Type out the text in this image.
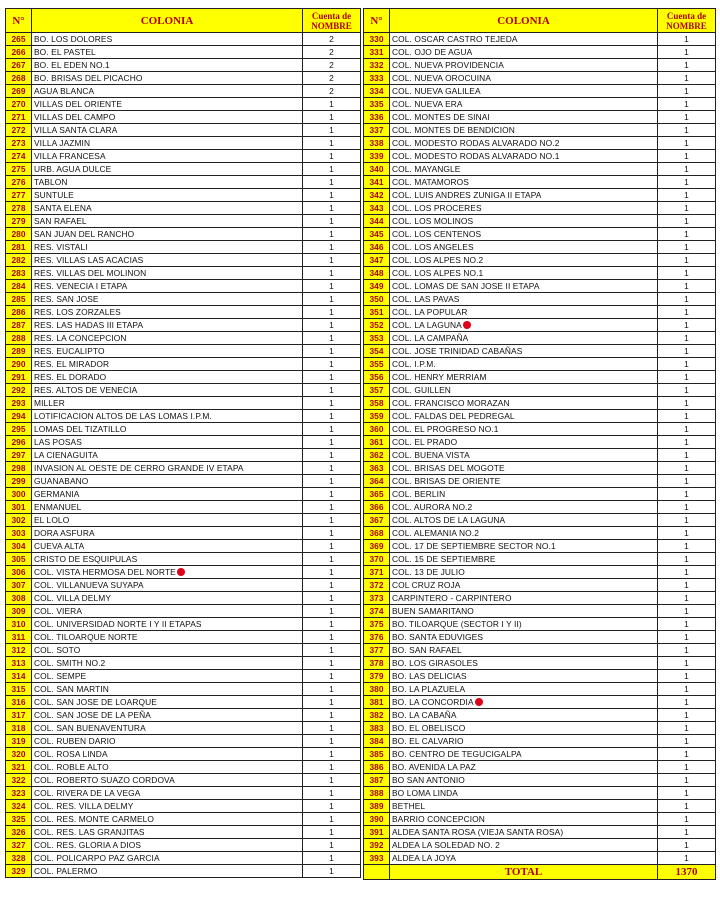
N°	COLONIA	Cuenta de NOMBRE
265	BO. LOS DOLORES	2
266	BO. EL PASTEL	2
267	BO. EL EDEN NO.1	2
268	BO. BRISAS DEL PICACHO	2
269	AGUA BLANCA	2
270	VILLAS DEL ORIENTE	1
271	VILLAS DEL CAMPO	1
272	VILLA SANTA CLARA	1
273	VILLA JAZMIN	1
274	VILLA FRANCESA	1
275	URB. AGUA DULCE	1
276	TABLON	1
277	SUNTULE	1
278	SANTA ELENA	1
279	SAN RAFAEL	1
280	SAN JUAN DEL RANCHO	1
281	RES. VISTALI	1
282	RES. VILLAS LAS ACACIAS	1
283	RES. VILLAS DEL MOLINON	1
284	RES. VENECIA I ETAPA	1
285	RES. SAN JOSE	1
286	RES. LOS ZORZALES	1
287	RES. LAS HADAS III ETAPA	1
288	RES. LA CONCEPCION	1
289	RES. EUCALIPTO	1
290	RES. EL MIRADOR	1
291	RES. EL DORADO	1
292	RES. ALTOS DE VENECIA	1
293	MILLER	1
294	LOTIFICACION ALTOS DE LAS LOMAS I.P.M.	1
295	LOMAS DEL TIZATILLO	1
296	LAS POSAS	1
297	LA CIENAGUITA	1
298	INVASION AL OESTE DE CERRO GRANDE IV ETAPA	1
299	GUANABANO	1
300	GERMANIA	1
301	ENMANUEL	1
302	EL LOLO	1
303	DORA ASFURA	1
304	CUEVA ALTA	1
305	CRISTO DE ESQUIPULAS	1
306	COL. VISTA HERMOSA DEL NORTE	1
307	COL. VILLANUEVA SUYAPA	1
308	COL. VILLA DELMY	1
309	COL. VIERA	1
310	COL. UNIVERSIDAD NORTE I Y II ETAPAS	1
311	COL. TILOARQUE NORTE	1
312	COL. SOTO	1
313	COL. SMITH NO.2	1
314	COL. SEMPE	1
315	COL. SAN MARTIN	1
316	COL. SAN JOSE DE LOARQUE	1
317	COL. SAN JOSE DE LA PEÑA	1
318	COL. SAN BUENAVENTURA	1
319	COL. RUBEN DARIO	1
320	COL. ROSA LINDA	1
321	COL. ROBLE ALTO	1
322	COL. ROBERTO SUAZO CORDOVA	1
323	COL. RIVERA DE LA VEGA	1
324	COL. RES. VILLA DELMY	1
325	COL. RES. MONTE CARMELO	1
326	COL. RES. LAS GRANJITAS	1
327	COL. RES. GLORIA A DIOS	1
328	COL. POLICARPO PAZ GARCIA	1
329	COL. PALERMO	1
N°	COLONIA	Cuenta de NOMBRE
330	COL. OSCAR CASTRO TEJEDA	1
331	COL. OJO DE AGUA	1
332	COL. NUEVA PROVIDENCIA	1
333	COL. NUEVA OROCUINA	1
334	COL. NUEVA GALILEA	1
335	COL. NUEVA ERA	1
336	COL. MONTES DE SINAI	1
337	COL. MONTES DE BENDICION	1
338	COL. MODESTO RODAS ALVARADO NO.2	1
339	COL. MODESTO RODAS ALVARADO NO.1	1
340	COL. MAYANGLE	1
341	COL. MATAMOROS	1
342	COL. LUIS ANDRES ZUNIGA II ETAPA	1
343	COL. LOS PROCERES	1
344	COL. LOS MOLINOS	1
345	COL. LOS CENTENOS	1
346	COL. LOS ANGELES	1
347	COL. LOS ALPES NO.2	1
348	COL. LOS ALPES NO.1	1
349	COL. LOMAS DE SAN JOSE II ETAPA	1
350	COL. LAS PAVAS	1
351	COL. LA POPULAR	1
352	COL. LA LAGUNA	1
353	COL. LA CAMPAÑA	1
354	COL. JOSE TRINIDAD CABAÑAS	1
355	COL. I.P.M.	1
356	COL. HENRY MERRIAM	1
357	COL. GUILLEN	1
358	COL. FRANCISCO MORAZAN	1
359	COL. FALDAS DEL PEDREGAL	1
360	COL. EL PROGRESO NO.1	1
361	COL. EL PRADO	1
362	COL. BUENA VISTA	1
363	COL. BRISAS DEL MOGOTE	1
364	COL. BRISAS DE ORIENTE	1
365	COL. BERLIN	1
366	COL. AURORA NO.2	1
367	COL. ALTOS DE LA LAGUNA	1
368	COL. ALEMANIA NO.2	1
369	COL. 17 DE SEPTIEMBRE SECTOR NO.1	1
370	COL. 15 DE SEPTIEMBRE	1
371	COL. 13 DE JULIO	1
372	COL CRUZ ROJA	1
373	CARPINTERO - CARPINTERO	1
374	BUEN SAMARITANO	1
375	BO. TILOARQUE (SECTOR I Y II)	1
376	BO. SANTA EDUVIGES	1
377	BO. SAN RAFAEL	1
378	BO. LOS GIRASOLES	1
379	BO. LAS DELICIAS	1
380	BO. LA PLAZUELA	1
381	BO. LA CONCORDIA	1
382	BO. LA CABAÑA	1
383	BO. EL OBELISCO	1
384	BO. EL CALVARIO	1
385	BO. CENTRO DE TEGUCIGALPA	1
386	BO. AVENIDA LA PAZ	1
387	BO SAN ANTONIO	1
388	BO LOMA LINDA	1
389	BETHEL	1
390	BARRIO CONCEPCION	1
391	ALDEA SANTA ROSA (VIEJA SANTA ROSA)	1
392	ALDEA LA SOLEDAD NO. 2	1
393	ALDEA LA JOYA	1
	TOTAL	1370
